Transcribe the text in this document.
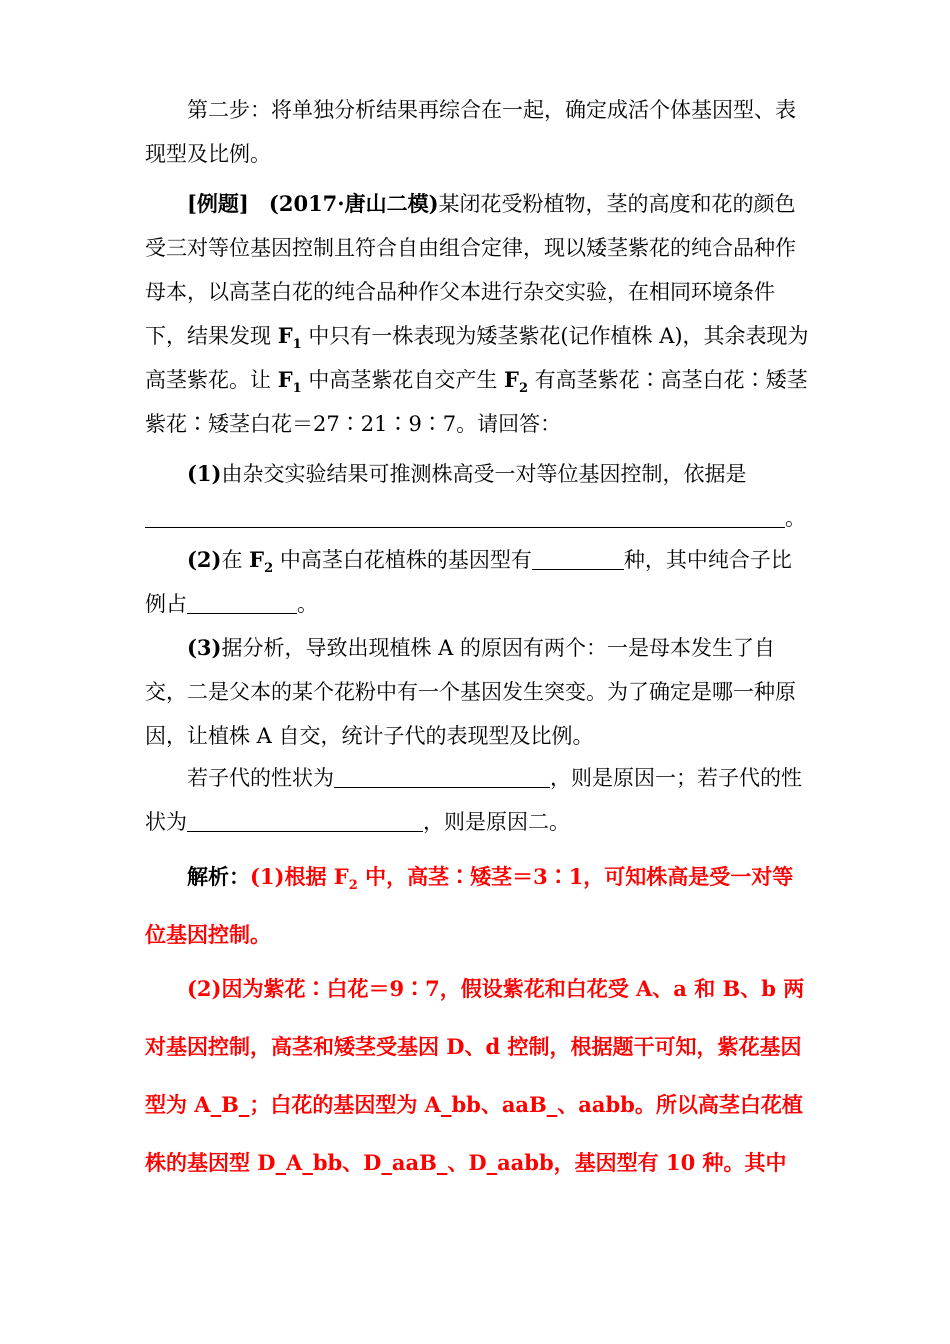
第二步：将单独分析结果再综合在一起，确定成活个体基因型、表现型及比例。

[例题] (2017·唐山二模)某闭花受粉植物，茎的高度和花的颜色受三对等位基因控制且符合自由组合定律，现以矮茎紫花的纯合品种作母本，以高茎白花的纯合品种作父本进行杂交实验，在相同环境条件下，结果发现 $F_1$ 中只有一株表现为矮茎紫花(记作植株 A)，其余表现为高茎紫花。让 $F_1$ 中高茎紫花自交产生 $F_2$ 有高茎紫花∶高茎白花∶矮茎紫花∶矮茎白花＝27∶21∶9∶7。请回答：

(1)由杂交实验结果可推测株高受一对等位基因控制，依据是
。

(2)在 $F_2$ 中高茎白花植株的基因型有	种，其中纯合子比例占	。

(3)据分析，导致出现植株 A 的原因有两个：一是母本发生了自交，二是父本的某个花粉中有一个基因发生突变。为了确定是哪一种原因，让植株 A 自交，统计子代的表现型及比例。

若子代的性状为	，则是原因一；若子代的性状为	，则是原因二。

解析：(1)根据 $F_2$ 中，高茎∶矮茎＝3∶1，可知株高是受一对等位基因控制。

(2)因为紫花∶白花＝9∶7，假设紫花和白花受 A、a 和 B、b 两对基因控制，高茎和矮茎受基因 D、d 控制，根据题干可知，紫花基因型为 A_B_；白花的基因型为 A_bb、aaB_、aabb。所以高茎白花植株的基因型 D_A_bb、D_aaB_、D_aabb，基因型有 10 种。其中
